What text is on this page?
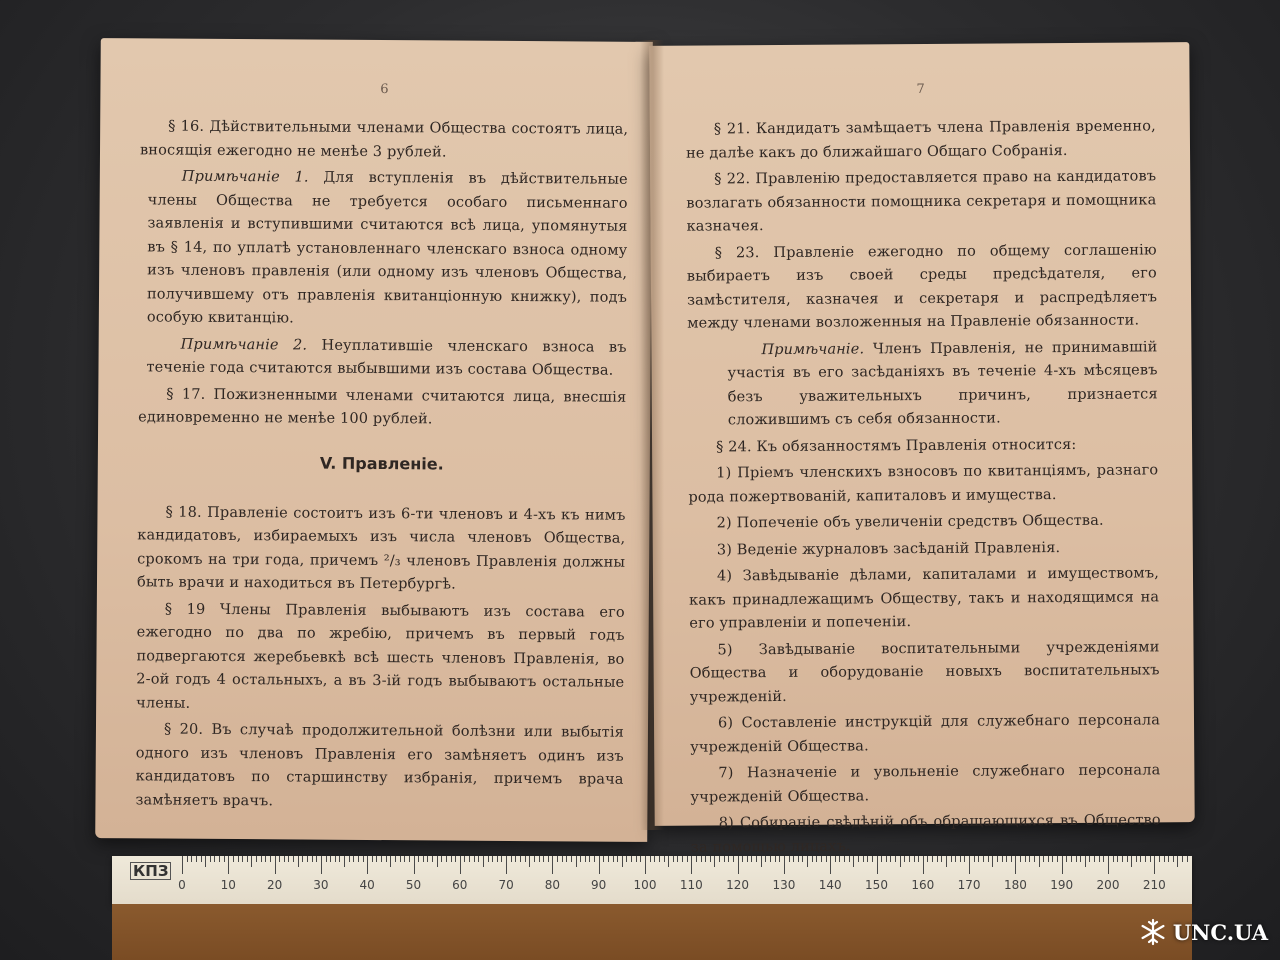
6

§ 16. Дѣйствительными членами Общества состоятъ лица, вносящія ежегодно не менѣе 3 рублей.

Примѣчаніе 1. Для вступленія въ дѣйствительные члены Общества не требуется особаго письменнаго заявленія и вступившими считаются всѣ лица, упомянутыя въ § 14, по уплатѣ установленнаго членскаго взноса одному изъ членовъ правленія (или одному изъ членовъ Общества, получившему отъ правленія квитанціонную книжку), подъ особую квитанцію.

Примѣчаніе 2. Неуплатившіе членскаго взноса въ теченіе года считаются выбывшими изъ состава Общества.

§ 17. Пожизненными членами считаются лица, внесшія единовременно не менѣе 100 рублей.

V. Правленіе.

§ 18. Правленіе состоитъ изъ 6-ти членовъ и 4-хъ къ нимъ кандидатовъ, избираемыхъ изъ числа членовъ Общества, срокомъ на три года, причемъ ²/₃ членовъ Правленія должны быть врачи и находиться въ Петербургѣ.

§ 19 Члены Правленія выбываютъ изъ состава его ежегодно по два по жребію, причемъ въ первый годъ подвергаются жеребьевкѣ всѣ шесть членовъ Правленія, во 2-ой годъ 4 остальныхъ, а въ 3-ій годъ выбываютъ остальные члены.

§ 20. Въ случаѣ продолжительной болѣзни или выбытія одного изъ членовъ Правленія его замѣняетъ одинъ изъ кандидатовъ по старшинству избранія, причемъ врача замѣняетъ врачъ.

7

§ 21. Кандидатъ замѣщаетъ члена Правленія временно, не далѣе какъ до ближайшаго Общаго Собранія.

§ 22. Правленію предоставляется право на кандидатовъ возлагать обязанности помощника секретаря и помощника казначея.

§ 23. Правленіе ежегодно по общему соглашенію выбираетъ изъ своей среды предсѣдателя, его замѣстителя, казначея и секретаря и распредѣляетъ между членами возложенныя на Правленіе обязанности.

Примѣчаніе. Членъ Правленія, не принимавшій участія въ его засѣданіяхъ въ теченіе 4-хъ мѣсяцевъ безъ уважительныхъ причинъ, признается сложившимъ съ себя обязанности.

§ 24. Къ обязанностямъ Правленія относится:

1) Пріемъ членскихъ взносовъ по квитанціямъ, разнаго рода пожертвованій, капиталовъ и имущества.

2) Попеченіе объ увеличеніи средствъ Общества.

3) Веденіе журналовъ засѣданій Правленія.

4) Завѣдываніе дѣлами, капиталами и имуществомъ, какъ принадлежащимъ Обществу, такъ и находящимся на его управленіи и попеченіи.

5) Завѣдываніе воспитательными учрежденіями Общества и оборудованіе новыхъ воспитательныхъ учрежденій.

6) Составленіе инструкцій для служебнаго персонала учрежденій Общества.

7) Назначеніе и увольненіе служебнаго персонала учрежденій Общества.

8) Собираніе свѣдѣній объ обращающихся въ Общество за помощью лицахъ.

КПЗ
0	10	20	30	40	50	60	70	80	90 100 110 120 130 140 150 160 170 180 190 200 210
UNC.UA
